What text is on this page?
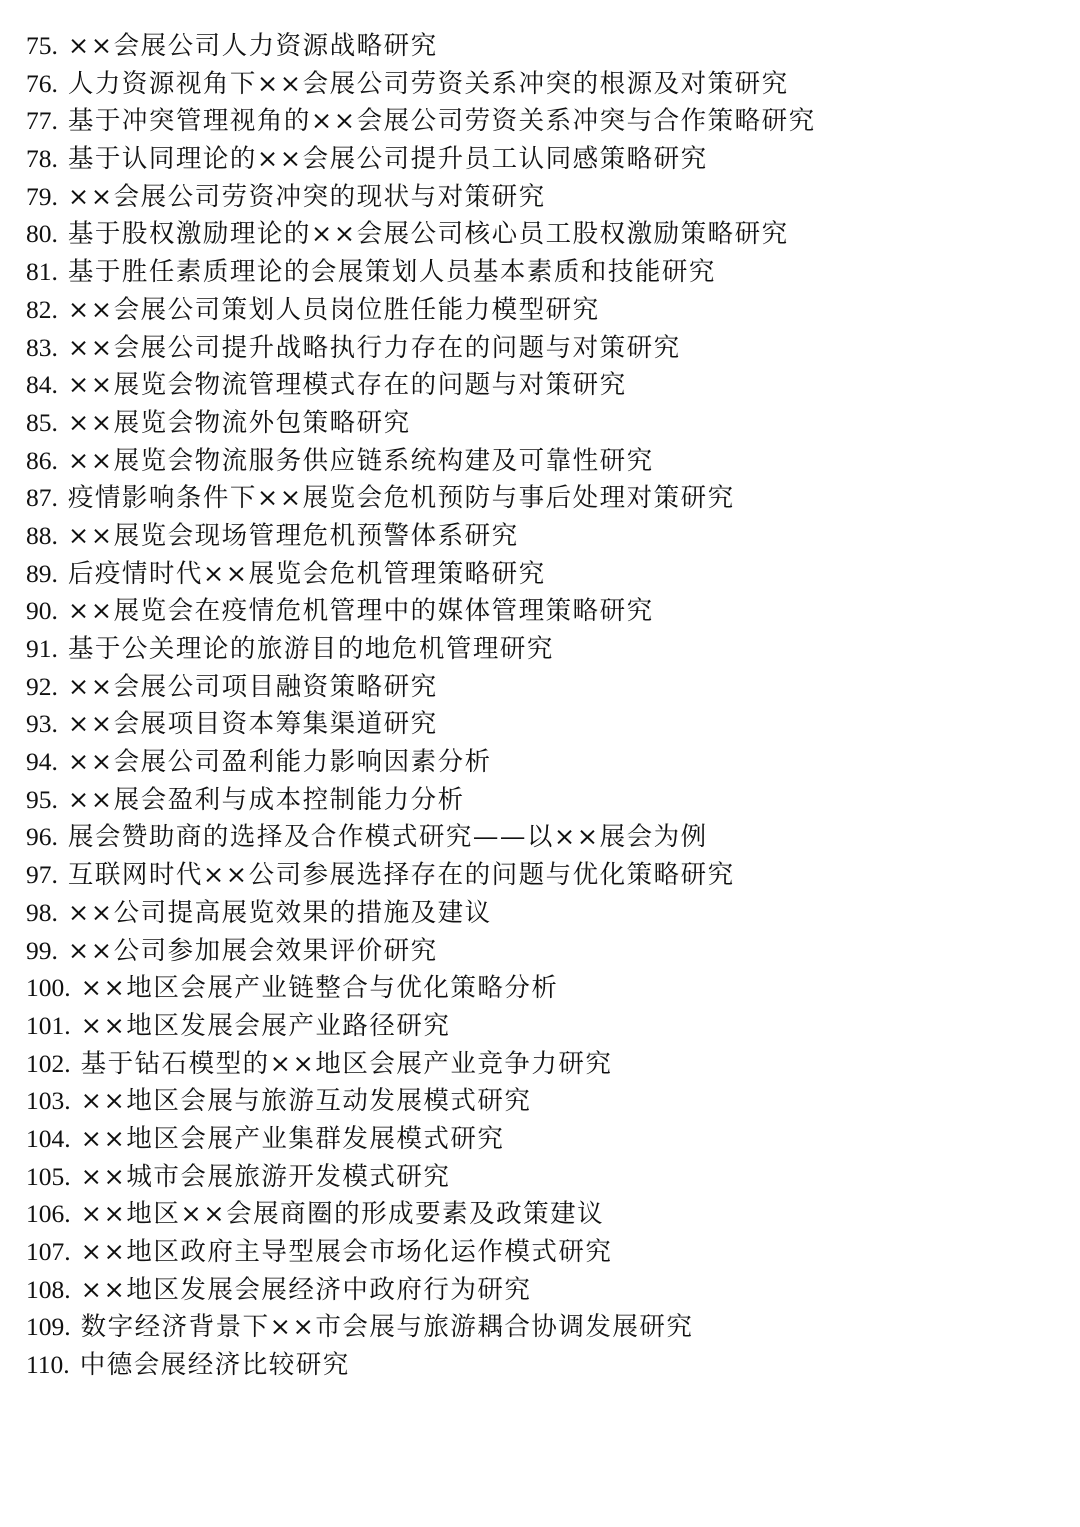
75. ××会展公司人力资源战略研究
76. 人力资源视角下××会展公司劳资关系冲突的根源及对策研究
77. 基于冲突管理视角的××会展公司劳资关系冲突与合作策略研究
78. 基于认同理论的××会展公司提升员工认同感策略研究
79. ××会展公司劳资冲突的现状与对策研究
80. 基于股权激励理论的××会展公司核心员工股权激励策略研究
81. 基于胜任素质理论的会展策划人员基本素质和技能研究
82. ××会展公司策划人员岗位胜任能力模型研究
83. ××会展公司提升战略执行力存在的问题与对策研究
84. ××展览会物流管理模式存在的问题与对策研究
85. ××展览会物流外包策略研究
86. ××展览会物流服务供应链系统构建及可靠性研究
87. 疫情影响条件下××展览会危机预防与事后处理对策研究
88. ××展览会现场管理危机预警体系研究
89. 后疫情时代××展览会危机管理策略研究
90. ××展览会在疫情危机管理中的媒体管理策略研究
91. 基于公关理论的旅游目的地危机管理研究
92. ××会展公司项目融资策略研究
93. ××会展项目资本筹集渠道研究
94. ××会展公司盈利能力影响因素分析
95. ××展会盈利与成本控制能力分析
96. 展会赞助商的选择及合作模式研究——以××展会为例
97. 互联网时代××公司参展选择存在的问题与优化策略研究
98. ××公司提高展览效果的措施及建议
99. ××公司参加展会效果评价研究
100. ××地区会展产业链整合与优化策略分析
101. ××地区发展会展产业路径研究
102. 基于钻石模型的××地区会展产业竞争力研究
103. ××地区会展与旅游互动发展模式研究
104. ××地区会展产业集群发展模式研究
105. ××城市会展旅游开发模式研究
106. ××地区××会展商圈的形成要素及政策建议
107. ××地区政府主导型展会市场化运作模式研究
108. ××地区发展会展经济中政府行为研究
109. 数字经济背景下××市会展与旅游耦合协调发展研究
110. 中德会展经济比较研究
